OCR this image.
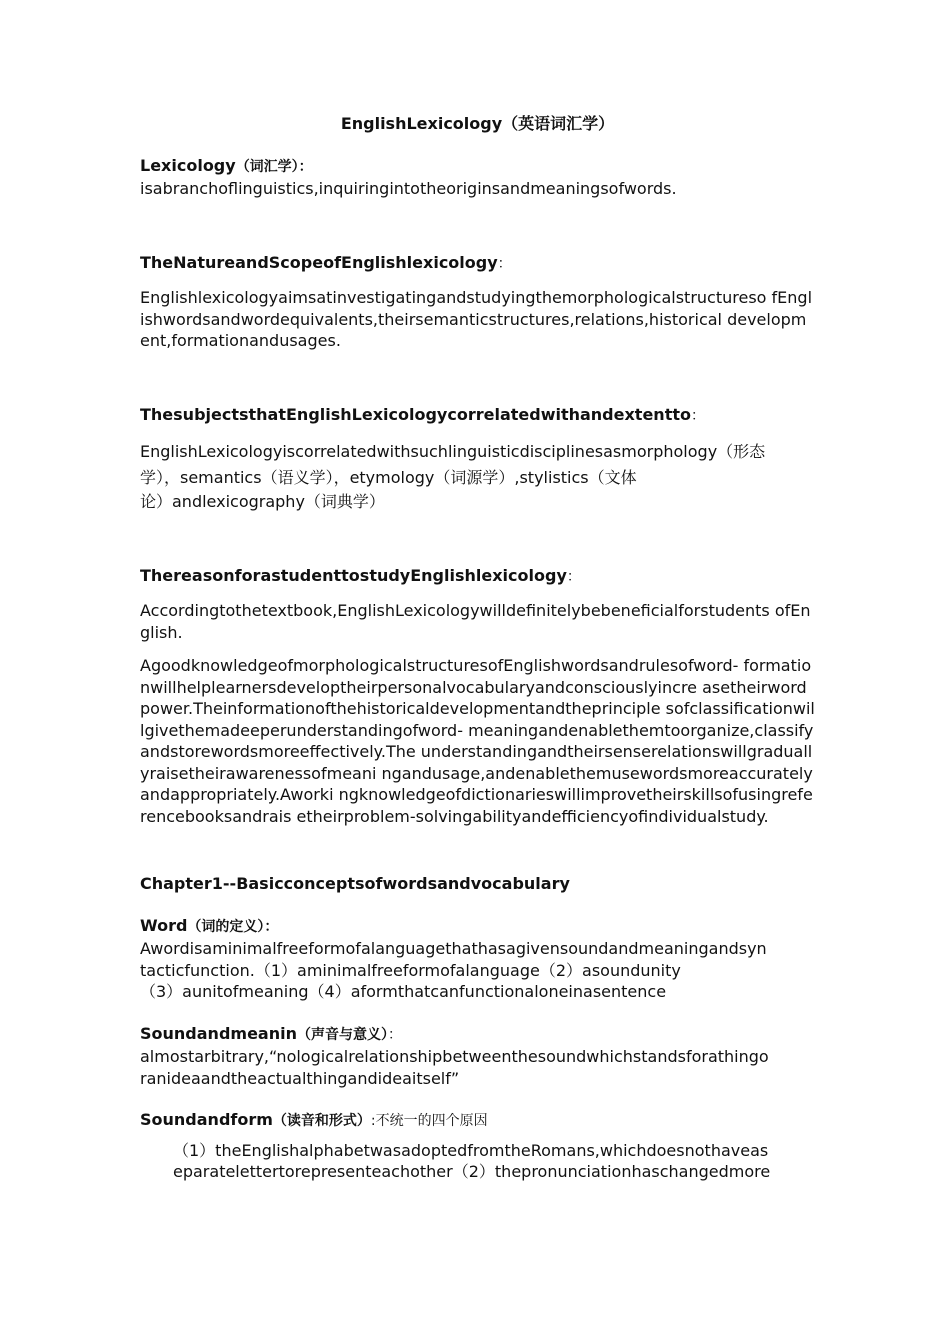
EnglishLexicology（英语词汇学）

Lexicology（词汇学）：

isabranchoflinguistics,inquiringintotheoriginsandmeaningsofwords.

TheNatureandScopeofEnglishlexicology：

Englishlexicologyaimsatinvestigatingandstudyingthemorphologicalstructureso fEnglishwordsandwordequivalents,theirsemanticstructures,relations,historical development,formationandusages.

ThesubjectsthatEnglishLexicologycorrelatedwithandextentto：

EnglishLexicologyiscorrelatedwithsuchlinguisticdisciplinesasmorphology（形态

学），semantics（语义学），etymology（词源学）,stylistics（文体

论）andlexicography（词典学）

ThereasonforastudenttostudyEnglishlexicology：

Accordingtothetextbook,EnglishLexicologywilldefinitelybebeneficialforstudents ofEnglish.

AgoodknowledgeofmorphologicalstructuresofEnglishwordsandrulesofword- formationwillhelplearnersdeveloptheirpersonalvocabularyandconsciouslyincre asetheirwordpower.Theinformationofthehistoricaldevelopmentandtheprinciple sofclassificationwillgivethemadeeperunderstandingofword- meaningandenablethemtoorganize,classifyandstorewordsmoreeffectively.The understandingandtheirsenserelationswillgraduallyraisetheirawarenessofmeani ngandusage,andenablethemusewordsmoreaccuratelyandappropriately.Aworki ngknowledgeofdictionarieswillimprovetheirskillsofusingreferencebooksandrais etheirproblem-solvingabilityandefficiencyofindividualstudy.

Chapter1--Basicconceptsofwordsandvocabulary

Word（词的定义）：

Awordisaminimalfreeformofalanguagethathasagivensoundandmeaningandsyn

tacticfunction.（1）aminimalfreeformofalanguage（2）asoundunity

（3）aunitofmeaning（4）aformthatcanfunctionaloneinasentence

Soundandmeanin（声音与意义）：

almostarbitrary,“nologicalrelationshipbetweenthesoundwhichstandsforathingo

ranideaandtheactualthingandideaitself”

Soundandform（读音和形式）:不统一的四个原因

（1）theEnglishalphabetwasadoptedfromtheRomans,whichdoesnothaveas

eparatelettertorepresenteachother（2）thepronunciationhaschangedmore
